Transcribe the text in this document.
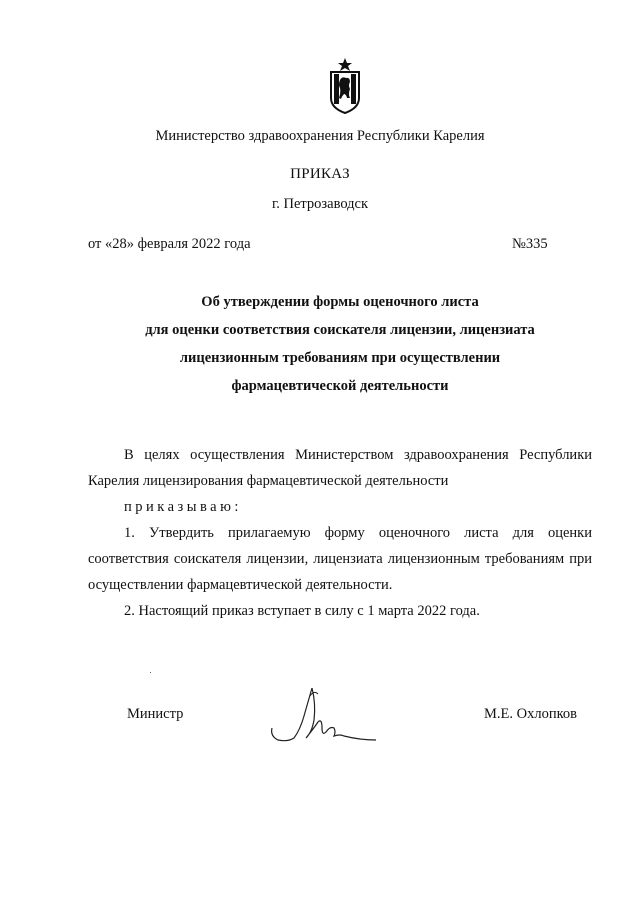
Министерство здравоохранения Республики Карелия
ПРИКАЗ
г. Петрозаводск
от «28» февраля 2022 года	№335
Об утверждении формы оценочного листа
для оценки соответствия соискателя лицензии, лицензиата
лицензионным требованиям при осуществлении
фармацевтической деятельности

В целях осуществления Министерством здравоохранения Республики Карелия лицензирования фармацевтической деятельности

приказываю:

1. Утвердить прилагаемую форму оценочного листа для оценки соответствия соискателя лицензии, лицензиата лицензионным требованиям при осуществлении фармацевтической деятельности.

2. Настоящий приказ вступает в силу с 1 марта 2022 года.

Министр	М.Е. Охлопков
